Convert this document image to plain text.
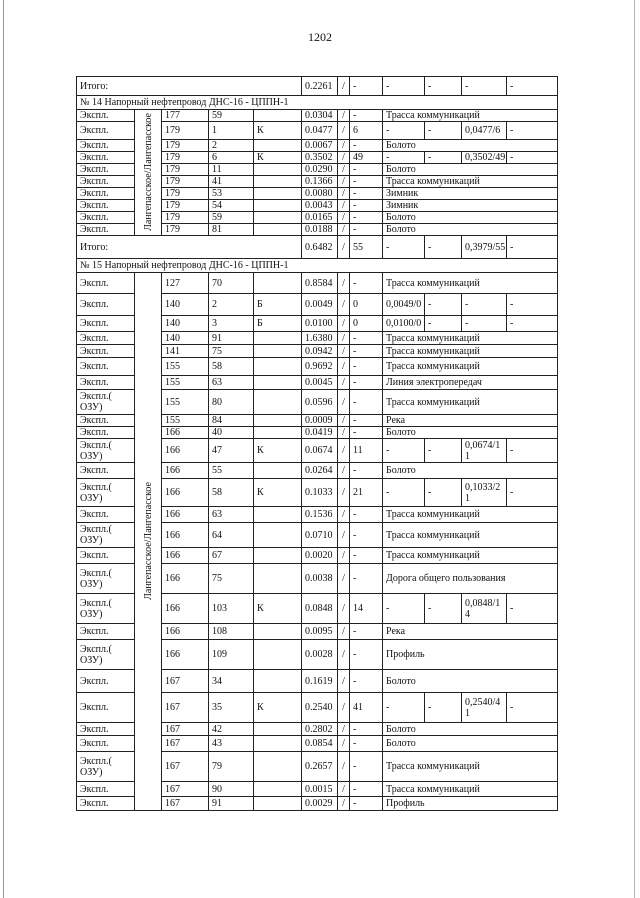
1202
Итого:					0.2261	/	-	-	-	-	-
№ 14 Напорный нефтепровод ДНС-16 - ЦППН-1											
Экспл.	Лангепасское/Лангепасское	177	59		0.0304	/	-	Трасса коммуникаций			
Экспл.		179	1	К	0.0477	/	6	-	-	0,0477/6	-
Экспл.		179	2		0.0067	/	-	Болото			
Экспл.		179	6	К	0.3502	/	49	-	-	0,3502/49	-
Экспл.		179	11		0.0290	/	-	Болото			
Экспл.		179	41		0.1366	/	-	Трасса коммуникаций			
Экспл.		179	53		0.0080	/	-	Зимник			
Экспл.		179	54		0.0043	/	-	Зимник			
Экспл.		179	59		0.0165	/	-	Болото			
Экспл.		179	81		0.0188	/	-	Болото			
Итого:					0.6482	/	55	-	-	0,3979/55	-
№ 15 Напорный нефтепровод ДНС-16 - ЦППН-1											
Экспл.	Лангепасское/Лангепасское	127	70		0.8584	/	-	Трасса коммуникаций			
Экспл.		140	2	Б	0.0049	/	0	0,0049/0	-	-	-
Экспл.		140	3	Б	0.0100	/	0	0,0100/0	-	-	-
Экспл.		140	91		1.6380	/	-	Трасса коммуникаций			
Экспл.		141	75		0.0942	/	-	Трасса коммуникаций			
Экспл.		155	58		0.9692	/	-	Трасса коммуникаций			
Экспл.		155	63		0.0045	/	-	Линия электропередач			
Экспл.( ОЗУ)		155	80		0.0596	/	-	Трасса коммуникаций			
Экспл.		155	84		0.0009	/	-	Река			
Экспл.		166	40		0.0419	/	-	Болото			
Экспл.( ОЗУ)		166	47	К	0.0674	/	11	-	-	0,0674/1 1	-
Экспл.		166	55		0.0264	/	-	Болото			
Экспл.( ОЗУ)		166	58	К	0.1033	/	21	-	-	0,1033/2 1	-
Экспл.		166	63		0.1536	/	-	Трасса коммуникаций			
Экспл.( ОЗУ)		166	64		0.0710	/	-	Трасса коммуникаций			
Экспл.		166	67		0.0020	/	-	Трасса коммуникаций			
Экспл.( ОЗУ)		166	75		0.0038	/	-	Дорога общего пользования			
Экспл.( ОЗУ)		166	103	К	0.0848	/	14	-	-	0,0848/1 4	-
Экспл.		166	108		0.0095	/	-	Река			
Экспл.( ОЗУ)		166	109		0.0028	/	-	Профиль			
Экспл.		167	34		0.1619	/	-	Болото			
Экспл.		167	35	К	0.2540	/	41	-	-	0,2540/4 1	-
Экспл.		167	42		0.2802	/	-	Болото			
Экспл.		167	43		0.0854	/	-	Болото			
Экспл.( ОЗУ)		167	79		0.2657	/	-	Трасса коммуникаций			
Экспл.		167	90		0.0015	/	-	Трасса коммуникаций			
Экспл.		167	91		0.0029	/	-	Профиль			
